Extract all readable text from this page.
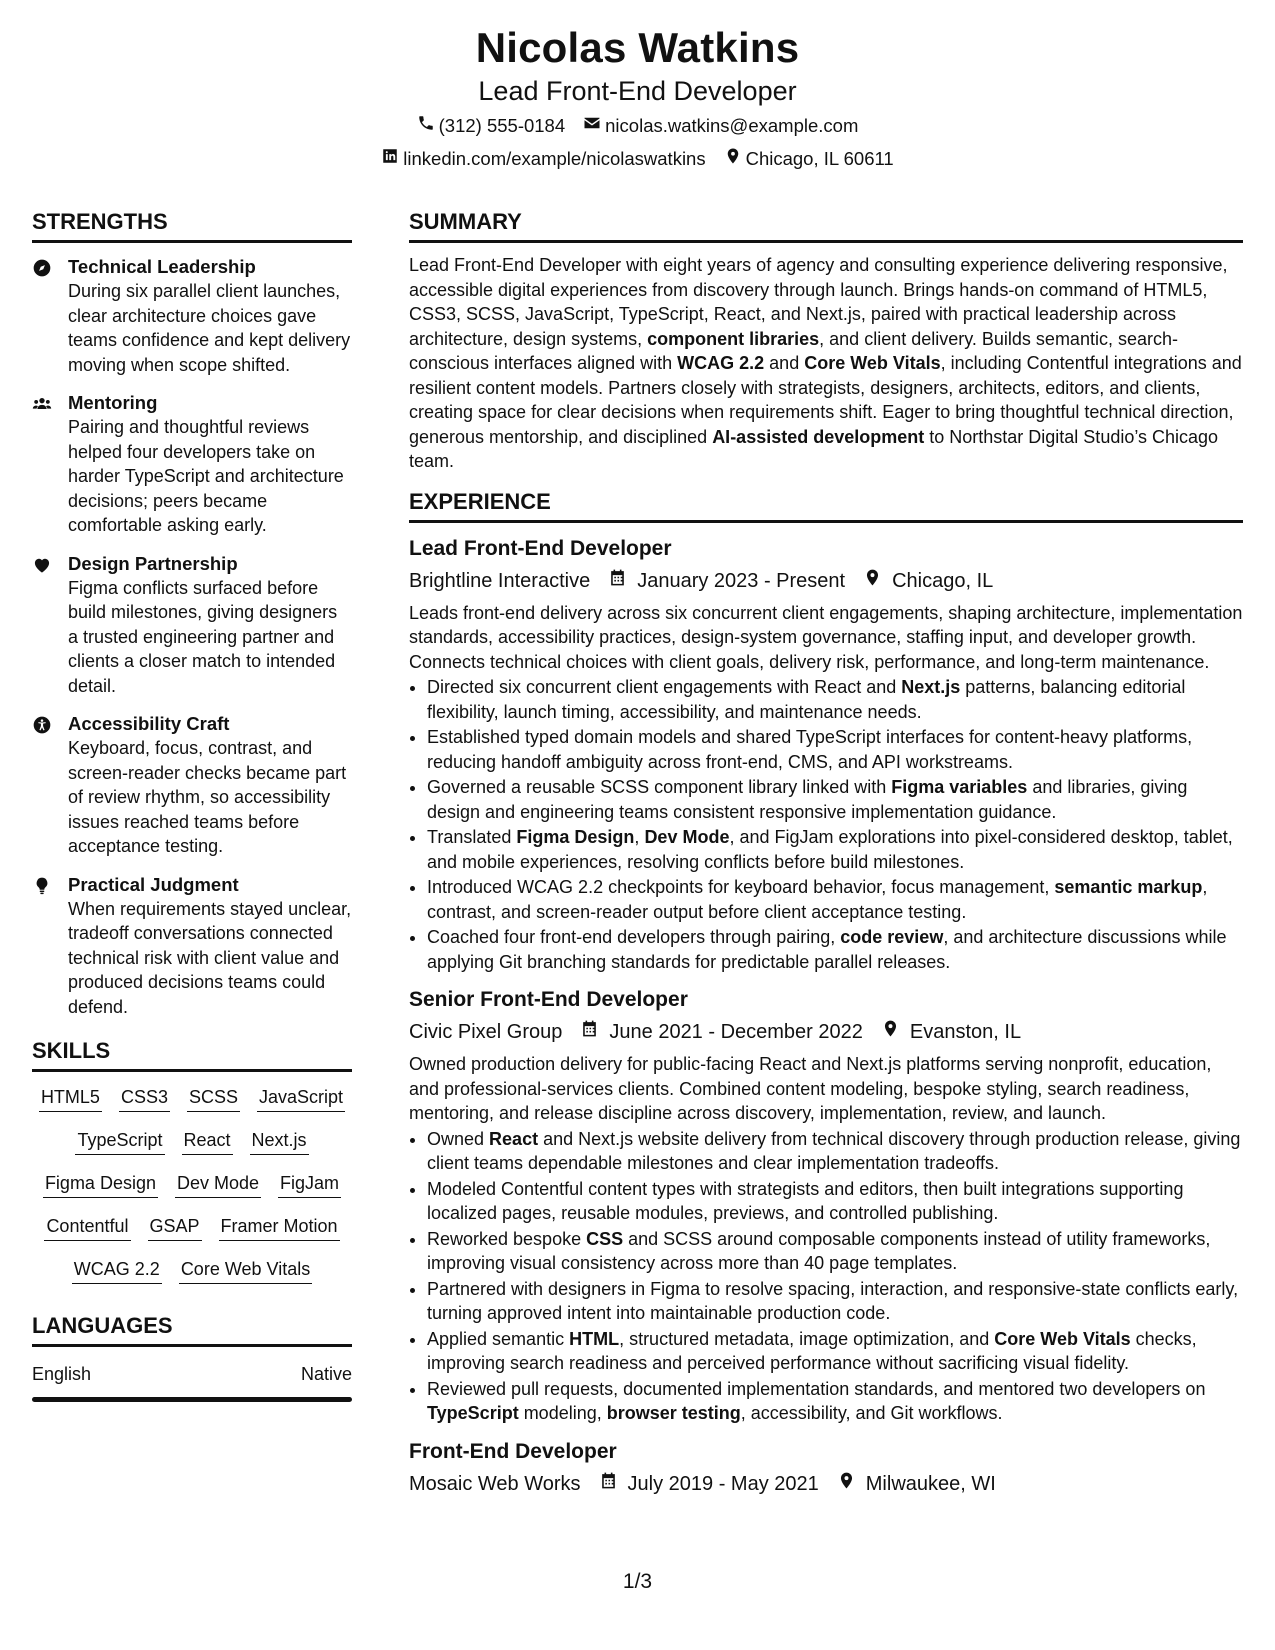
Nicolas Watkins
Lead Front-End Developer
(312) 555-0184 nicolas.watkins@example.com
linkedin.com/example/nicolaswatkins Chicago, IL 60611
STRENGTHS
Technical Leadership
During six parallel client launches, clear architecture choices gave teams confidence and kept delivery moving when scope shifted.
Mentoring
Pairing and thoughtful reviews helped four developers take on harder TypeScript and architecture decisions; peers became comfortable asking early.
Design Partnership
Figma conflicts surfaced before build milestones, giving designers a trusted engineering partner and clients a closer match to intended detail.
Accessibility Craft
Keyboard, focus, contrast, and screen-reader checks became part of review rhythm, so accessibility issues reached teams before acceptance testing.
Practical Judgment
When requirements stayed unclear, tradeoff conversations connected technical risk with client value and produced decisions teams could defend.
SKILLS
HTML5 CSS3 SCSS JavaScript
TypeScript React Next.js
Figma Design Dev Mode FigJam
Contentful GSAP Framer Motion
WCAG 2.2 Core Web Vitals
LANGUAGES
English	Native
SUMMARY
Lead Front-End Developer with eight years of agency and consulting experience delivering responsive, accessible digital experiences from discovery through launch. Brings hands-on command of HTML5, CSS3, SCSS, JavaScript, TypeScript, React, and Next.js, paired with practical leadership across architecture, design systems, component libraries, and client delivery. Builds semantic, search-conscious interfaces aligned with WCAG 2.2 and Core Web Vitals, including Contentful integrations and resilient content models. Partners closely with strategists, designers, architects, editors, and clients, creating space for clear decisions when requirements shift. Eager to bring thoughtful technical direction, generous mentorship, and disciplined AI-assisted development to Northstar Digital Studio’s Chicago team.
EXPERIENCE
Lead Front-End Developer
Brightline Interactive January 2023 - Present Chicago, IL
Leads front-end delivery across six concurrent client engagements, shaping architecture, implementation standards, accessibility practices, design-system governance, staffing input, and developer growth. Connects technical choices with client goals, delivery risk, performance, and long-term maintenance.
• Directed six concurrent client engagements with React and Next.js patterns, balancing editorial flexibility, launch timing, accessibility, and maintenance needs.
• Established typed domain models and shared TypeScript interfaces for content-heavy platforms, reducing handoff ambiguity across front-end, CMS, and API workstreams.
• Governed a reusable SCSS component library linked with Figma variables and libraries, giving design and engineering teams consistent responsive implementation guidance.
• Translated Figma Design, Dev Mode, and FigJam explorations into pixel-considered desktop, tablet, and mobile experiences, resolving conflicts before build milestones.
• Introduced WCAG 2.2 checkpoints for keyboard behavior, focus management, semantic markup, contrast, and screen-reader output before client acceptance testing.
• Coached four front-end developers through pairing, code review, and architecture discussions while applying Git branching standards for predictable parallel releases.
Senior Front-End Developer
Civic Pixel Group June 2021 - December 2022 Evanston, IL
Owned production delivery for public-facing React and Next.js platforms serving nonprofit, education, and professional-services clients. Combined content modeling, bespoke styling, search readiness, mentoring, and release discipline across discovery, implementation, review, and launch.
• Owned React and Next.js website delivery from technical discovery through production release, giving client teams dependable milestones and clear implementation tradeoffs.
• Modeled Contentful content types with strategists and editors, then built integrations supporting localized pages, reusable modules, previews, and controlled publishing.
• Reworked bespoke CSS and SCSS around composable components instead of utility frameworks, improving visual consistency across more than 40 page templates.
• Partnered with designers in Figma to resolve spacing, interaction, and responsive-state conflicts early, turning approved intent into maintainable production code.
• Applied semantic HTML, structured metadata, image optimization, and Core Web Vitals checks, improving search readiness and perceived performance without sacrificing visual fidelity.
• Reviewed pull requests, documented implementation standards, and mentored two developers on TypeScript modeling, browser testing, accessibility, and Git workflows.
Front-End Developer
Mosaic Web Works July 2019 - May 2021 Milwaukee, WI
1/3
